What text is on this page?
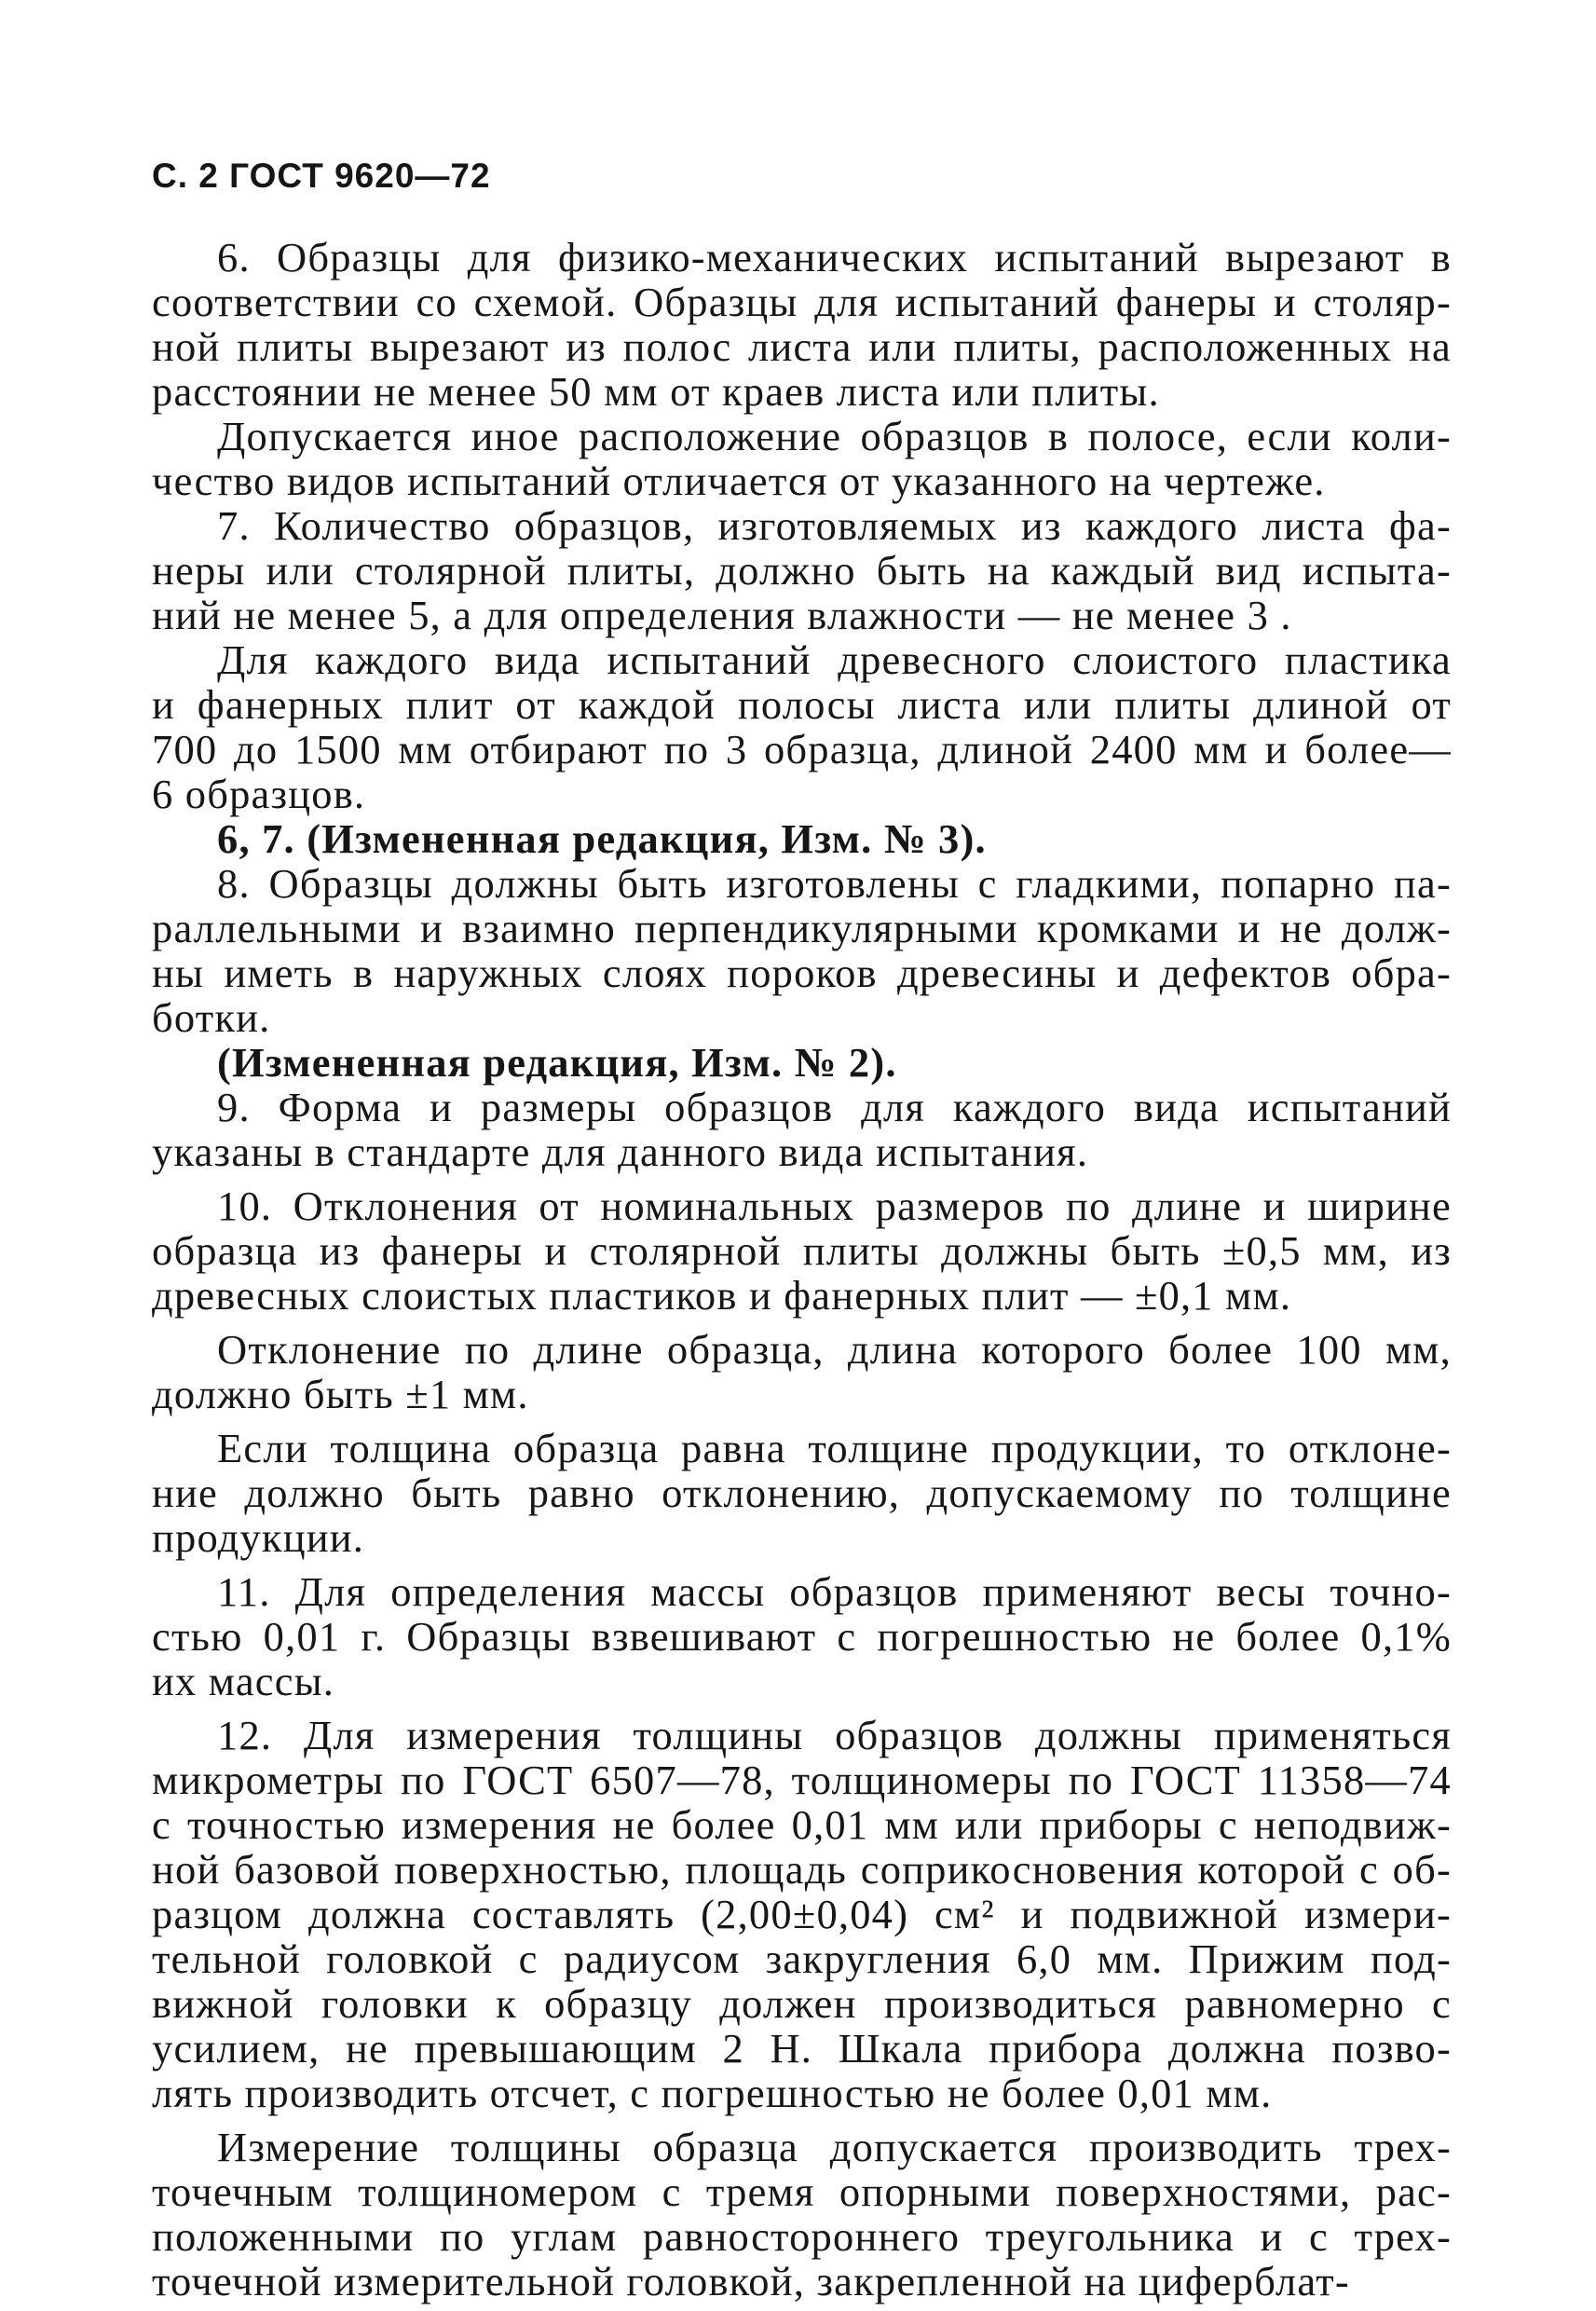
С. 2 ГОСТ 9620—72

6. Образцы для физико-механических испытаний вырезают в
соответствии со схемой. Образцы для испытаний фанеры и столяр-
ной плиты вырезают из полос листа или плиты, расположенных на
расстоянии не менее 50 мм от краев листа или плиты.

Допускается иное расположение образцов в полосе, если коли-
чество видов испытаний отличается от указанного на чертеже.

7. Количество образцов, изготовляемых из каждого листа фа-
неры или столярной плиты, должно быть на каждый вид испыта-
ний не менее 5, а для определения влажности — не менее 3 .

Для каждого вида испытаний древесного слоистого пластика
и фанерных плит от каждой полосы листа или плиты длиной от
700 до 1500 мм отбирают по 3 образца, длиной 2400 мм и более—
6 образцов.

6, 7. (Измененная редакция, Изм. № 3).

8. Образцы должны быть изготовлены с гладкими, попарно па-
раллельными и взаимно перпендикулярными кромками и не долж-
ны иметь в наружных слоях пороков древесины и дефектов обра-
ботки.

(Измененная редакция, Изм. № 2).

9. Форма и размеры образцов для каждого вида испытаний
указаны в стандарте для данного вида испытания.

10. Отклонения от номинальных размеров по длине и ширине
образца из фанеры и столярной плиты должны быть ±0,5 мм, из
древесных слоистых пластиков и фанерных плит — ±0,1 мм.

Отклонение по длине образца, длина которого более 100 мм,
должно быть ±1 мм.

Если толщина образца равна толщине продукции, то отклоне-
ние должно быть равно отклонению, допускаемому по толщине
продукции.

11. Для определения массы образцов применяют весы точно-
стью 0,01 г. Образцы взвешивают с погрешностью не более 0,1%
их массы.

12. Для измерения толщины образцов должны применяться
микрометры по ГОСТ 6507—78, толщиномеры по ГОСТ 11358—74
с точностью измерения не более 0,01 мм или приборы с неподвиж-
ной базовой поверхностью, площадь соприкосновения которой с об-
разцом должна составлять (2,00±0,04) см² и подвижной измери-
тельной головкой с радиусом закругления 6,0 мм. Прижим под-
вижной головки к образцу должен производиться равномерно с
усилием, не превышающим 2 Н. Шкала прибора должна позво-
лять производить отсчет, с погрешностью не более 0,01 мм.

Измерение толщины образца допускается производить трех-
точечным толщиномером с тремя опорными поверхностями, рас-
положенными по углам равностороннего треугольника и с трех-
точечной измерительной головкой, закрепленной на циферблат-
